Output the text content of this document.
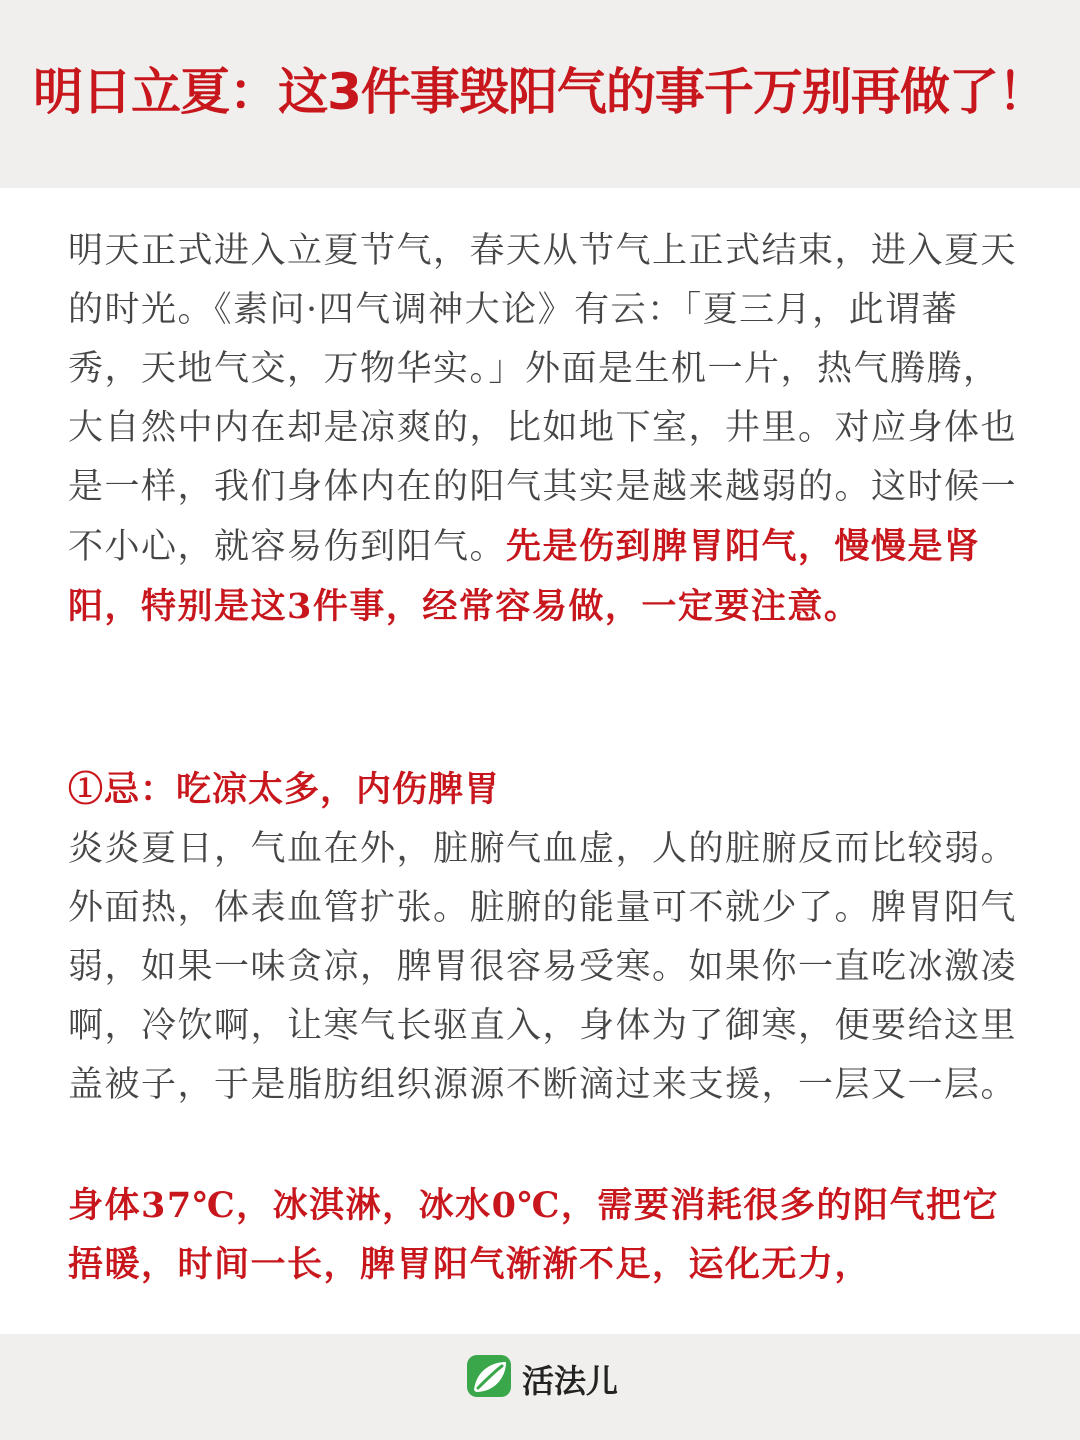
明日立夏：这3件事毁阳气的事千万别再做了！

明天正式进入立夏节气，春天从节气上正式结束，进入夏天的时光。《素问·四气调神大论》有云：「夏三月，此谓蕃秀，天地气交，万物华实。」外面是生机一片，热气腾腾，大自然中内在却是凉爽的，比如地下室，井里。对应身体也是一样，我们身体内在的阳气其实是越来越弱的。这时候一不小心，就容易伤到阳气。先是伤到脾胃阳气，慢慢是肾阳，特别是这3件事，经常容易做，一定要注意。

①忌：吃凉太多，内伤脾胃

炎炎夏日，气血在外，脏腑气血虚，人的脏腑反而比较弱。外面热，体表血管扩张。脏腑的能量可不就少了。脾胃阳气弱，如果一味贪凉，脾胃很容易受寒。如果你一直吃冰激凌啊，冷饮啊，让寒气长驱直入，身体为了御寒，便要给这里盖被子，于是脂肪组织源源不断滴过来支援，一层又一层。

身体37℃，冰淇淋，冰水0℃，需要消耗很多的阳气把它捂暖，时间一长，脾胃阳气渐渐不足，运化无力，

活法儿
